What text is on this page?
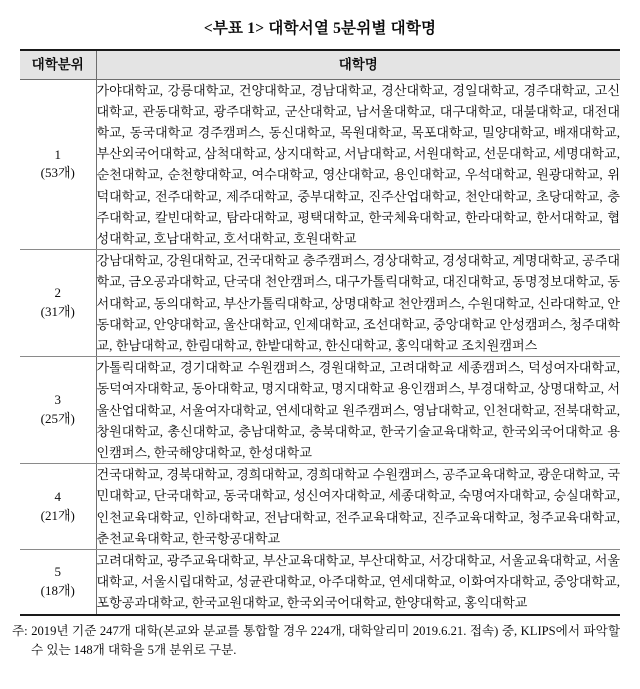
<부표 1> 대학서열 5분위별 대학명
대학분위	대학명

1
(53개)	가야대학교, 강릉대학교, 건양대학교, 경남대학교, 경산대학교, 경일대학교, 경주대학교, 고신대학교, 관동대학교, 광주대학교, 군산대학교, 남서울대학교, 대구대학교, 대불대학교, 대전대학교, 동국대학교 경주캠퍼스, 동신대학교, 목원대학교, 목포대학교, 밀양대학교, 배재대학교, 부산외국어대학교, 삼척대학교, 상지대학교, 서남대학교, 서원대학교, 선문대학교, 세명대학교, 순천대학교, 순천향대학교, 여수대학교, 영산대학교, 용인대학교, 우석대학교, 원광대학교, 위덕대학교, 전주대학교, 제주대학교, 중부대학교, 진주산업대학교, 천안대학교, 초당대학교, 충주대학교, 칼빈대학교, 탐라대학교, 평택대학교, 한국체육대학교, 한라대학교, 한서대학교, 협성대학교, 호남대학교, 호서대학교, 호원대학교

2
(31개)	강남대학교, 강원대학교, 건국대학교 충주캠퍼스, 경상대학교, 경성대학교, 계명대학교, 공주대학교, 금오공과대학교, 단국대 천안캠퍼스, 대구가톨릭대학교, 대진대학교, 동명정보대학교, 동서대학교, 동의대학교, 부산가톨릭대학교, 상명대학교 천안캠퍼스, 수원대학교, 신라대학교, 안동대학교, 안양대학교, 울산대학교, 인제대학교, 조선대학교, 중앙대학교 안성캠퍼스, 청주대학교, 한남대학교, 한림대학교, 한밭대학교, 한신대학교, 홍익대학교 조치원캠퍼스

3
(25개)	가톨릭대학교, 경기대학교 수원캠퍼스, 경원대학교, 고려대학교 세종캠퍼스, 덕성여자대학교, 동덕여자대학교, 동아대학교, 명지대학교, 명지대학교 용인캠퍼스, 부경대학교, 상명대학교, 서울산업대학교, 서울여자대학교, 연세대학교 원주캠퍼스, 영남대학교, 인천대학교, 전북대학교, 창원대학교, 총신대학교, 충남대학교, 충북대학교, 한국기술교육대학교, 한국외국어대학교 용인캠퍼스, 한국해양대학교, 한성대학교

4
(21개)	건국대학교, 경북대학교, 경희대학교, 경희대학교 수원캠퍼스, 공주교육대학교, 광운대학교, 국민대학교, 단국대학교, 동국대학교, 성신여자대학교, 세종대학교, 숙명여자대학교, 숭실대학교, 인천교육대학교, 인하대학교, 전남대학교, 전주교육대학교, 진주교육대학교, 청주교육대학교, 춘천교육대학교, 한국항공대학교

5
(18개)	고려대학교, 광주교육대학교, 부산교육대학교, 부산대학교, 서강대학교, 서울교육대학교, 서울대학교, 서울시립대학교, 성균관대학교, 아주대학교, 연세대학교, 이화여자대학교, 중앙대학교, 포항공과대학교, 한국교원대학교, 한국외국어대학교, 한양대학교, 홍익대학교
주: 2019년 기준 247개 대학(본교와 분교를 통합할 경우 224개, 대학알리미 2019.6.21. 접속) 중, KLIPS에서 파악할 수 있는 148개 대학을 5개 분위로 구분.
